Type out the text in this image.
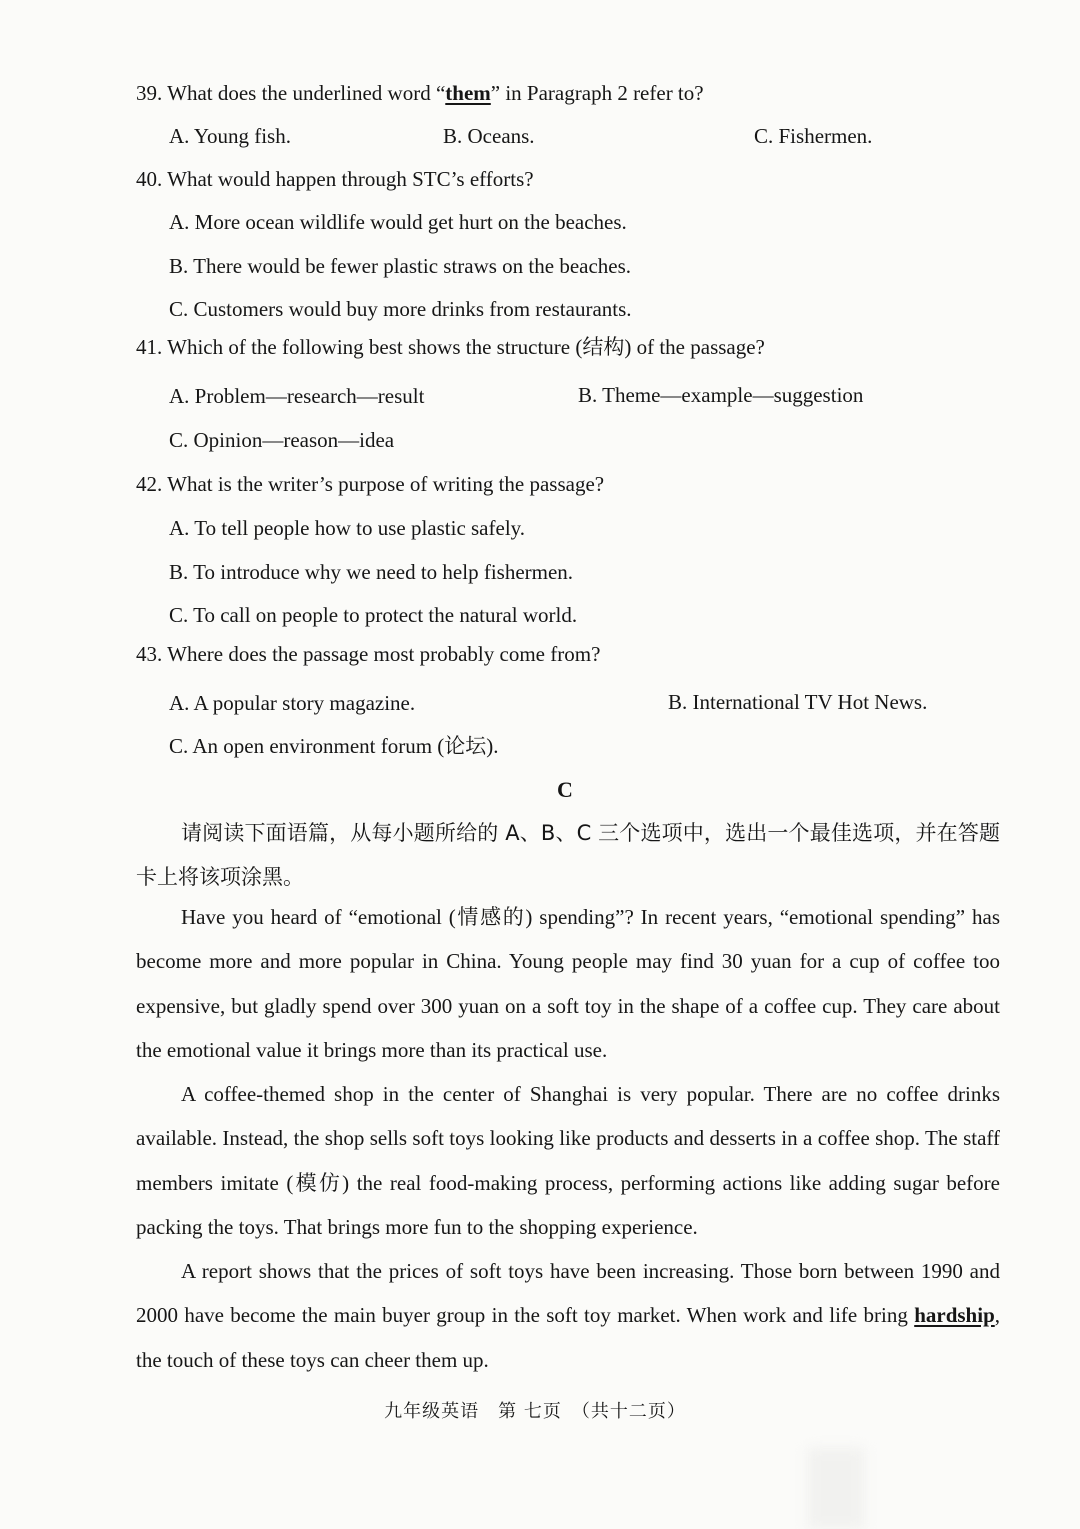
39. What does the underlined word “them” in Paragraph 2 refer to?
A. Young fish.	B. Oceans.	C. Fishermen.
40. What would happen through STC’s efforts?
A. More ocean wildlife would get hurt on the beaches.
B. There would be fewer plastic straws on the beaches.
C. Customers would buy more drinks from restaurants.
41. Which of the following best shows the structure (结构) of the passage?
A. Problem—research—result	B. Theme—example—suggestion
C. Opinion—reason—idea
42. What is the writer’s purpose of writing the passage?
A. To tell people how to use plastic safely.
B. To introduce why we need to help fishermen.
C. To call on people to protect the natural world.
43. Where does the passage most probably come from?
A. A popular story magazine.	B. International TV Hot News.
C. An open environment forum (论坛).
C
请阅读下面语篇，从每小题所给的 A、B、C 三个选项中，选出一个最佳选项，并在答题卡上将该项涂黑。
Have you heard of “emotional (情感的) spending”? In recent years, “emotional spending” has become more and more popular in China. Young people may find 30 yuan for a cup of coffee too expensive, but gladly spend over 300 yuan on a soft toy in the shape of a coffee cup. They care about the emotional value it brings more than its practical use.
A coffee-themed shop in the center of Shanghai is very popular. There are no coffee drinks available. Instead, the shop sells soft toys looking like products and desserts in a coffee shop. The staff members imitate (模仿) the real food-making process, performing actions like adding sugar before packing the toys. That brings more fun to the shopping experience.
A report shows that the prices of soft toys have been increasing. Those born between 1990 and 2000 have become the main buyer group in the soft toy market. When work and life bring hardship, the touch of these toys can cheer them up.
九年级英语　第 七页　（共十二页）
